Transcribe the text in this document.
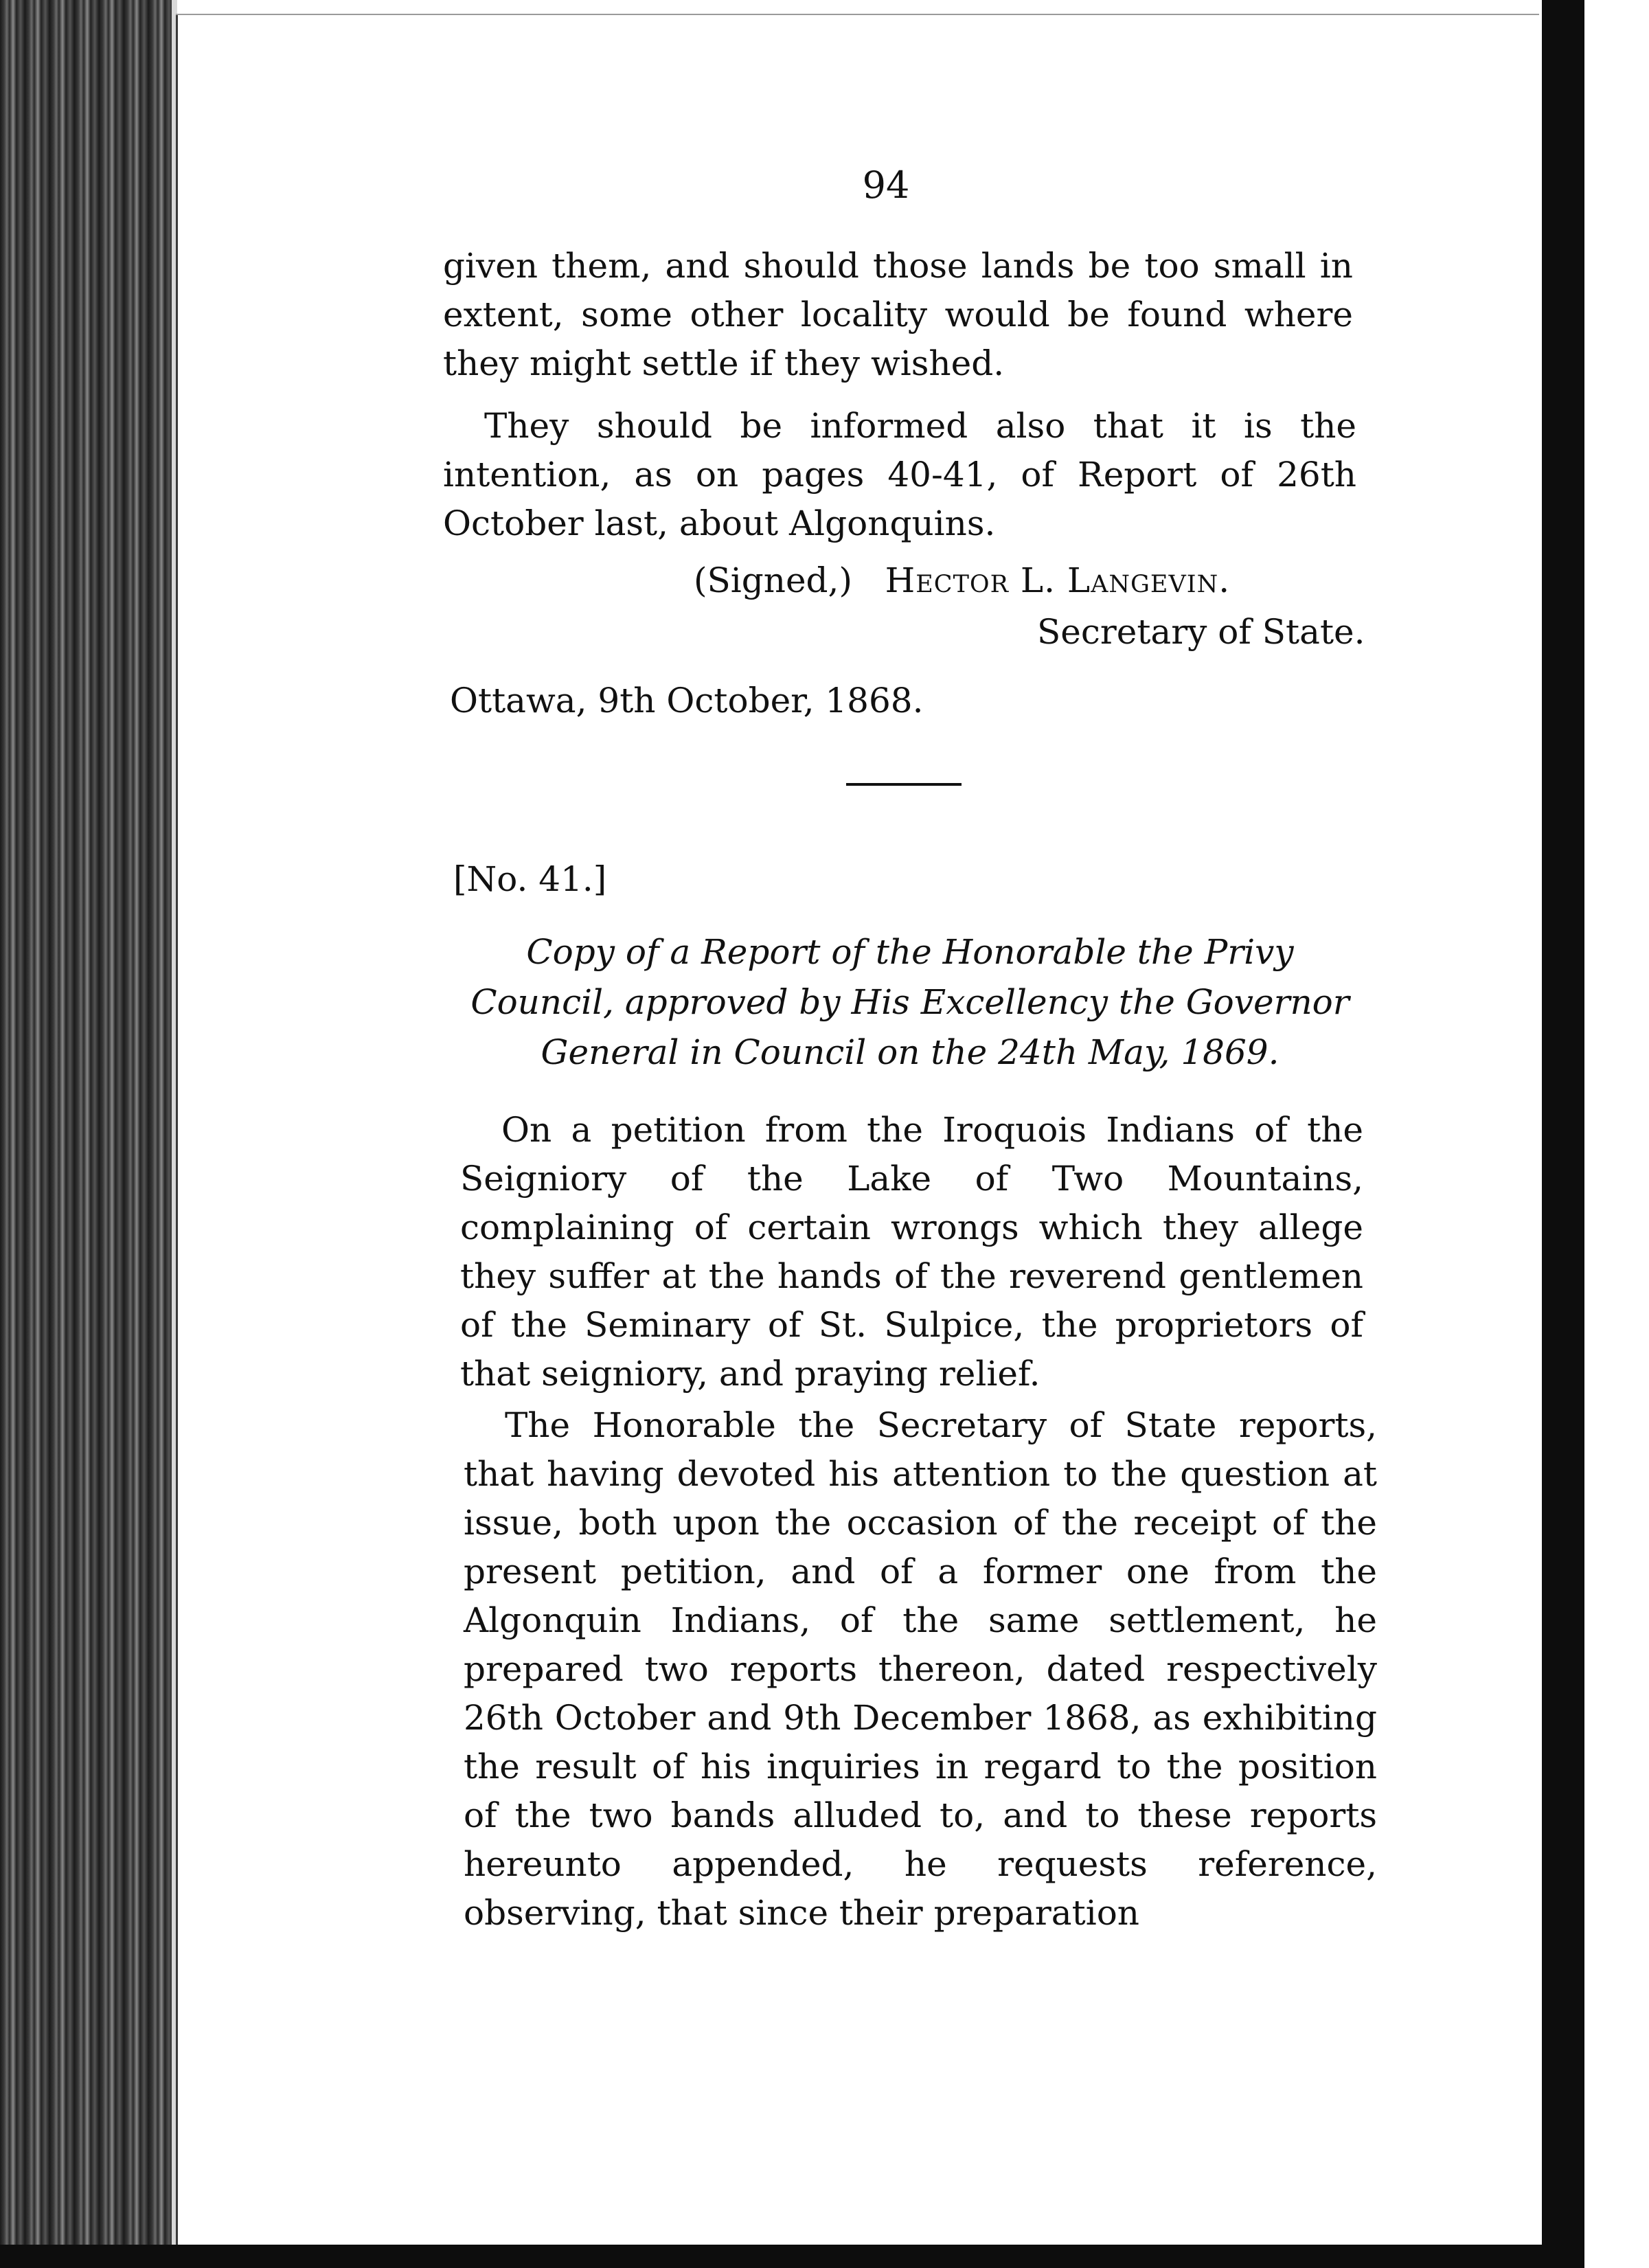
94

given them, and should those lands be too small in extent, some other locality would be found where they might settle if they wished.

They should be informed also that it is the intention, as on pages 40-41, of Report of 26th October last, about Algonquins.

(Signed,) Hector L. Langevin.
Secretary of State.
Ottawa, 9th October, 1868.
[No. 41.]
Copy of a Report of the Honorable the Privy Council, approved by His Excellency the Governor General in Council on the 24th May, 1869.

On a petition from the Iroquois Indians of the Seigniory of the Lake of Two Mountains, complaining of certain wrongs which they allege they suffer at the hands of the reverend gentlemen of the Seminary of St. Sulpice, the proprietors of that seigniory, and praying relief.

The Honorable the Secretary of State reports, that having devoted his attention to the question at issue, both upon the occasion of the receipt of the present petition, and of a former one from the Algonquin Indians, of the same settlement, he prepared two reports thereon, dated respectively 26th October and 9th December 1868, as exhibiting the result of his inquiries in regard to the position of the two bands alluded to, and to these reports hereunto appended, he requests reference, observing, that since their preparation
